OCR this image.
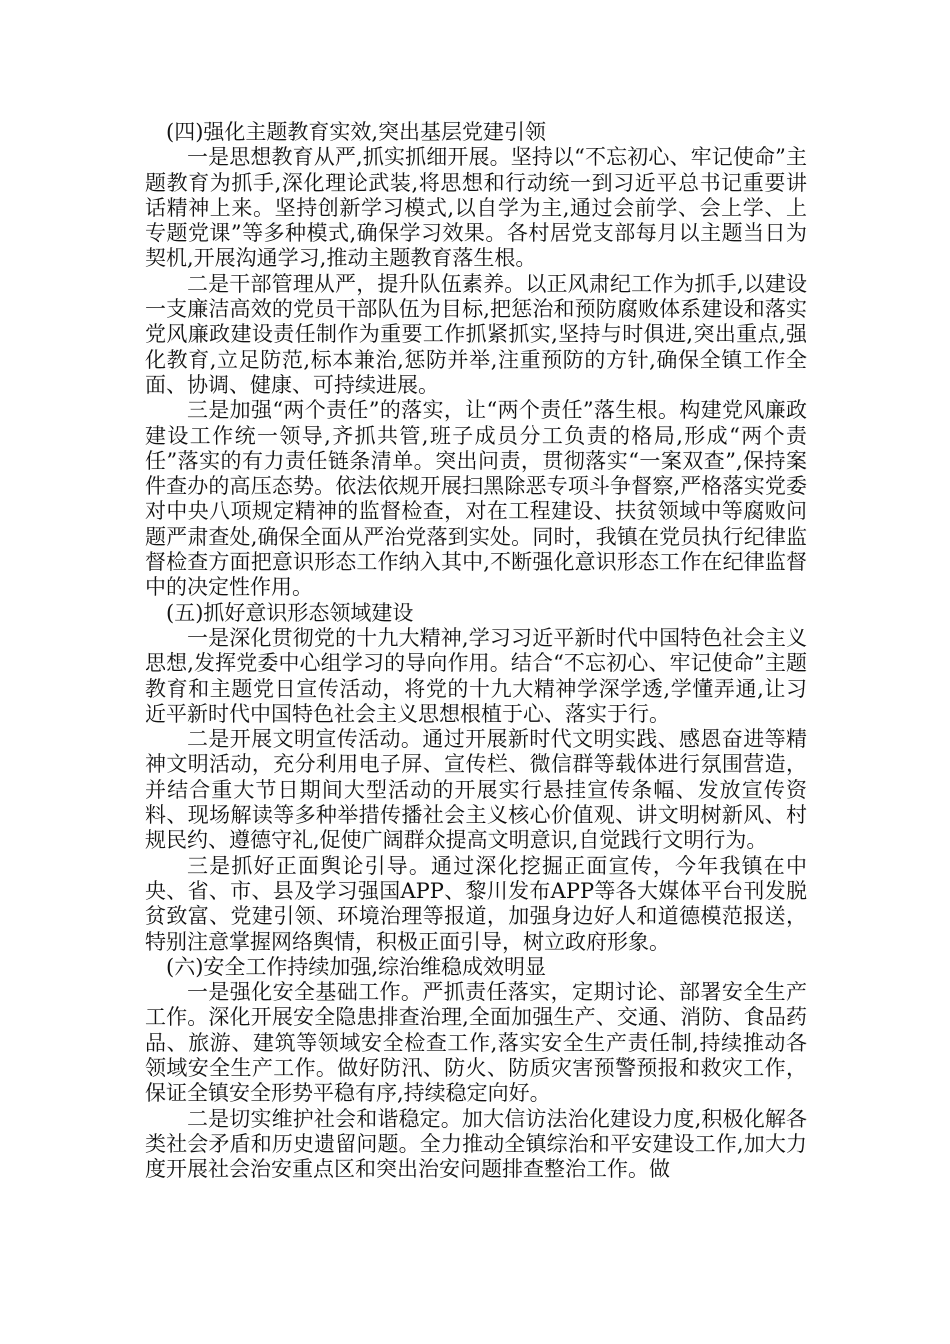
(四)强化主题教育实效,突出基层党建引领

一是思想教育从严,抓实抓细开展。坚持以“不忘初心、牢记使命”主题教育为抓手,深化理论武装,将思想和行动统一到习近平总书记重要讲话精神上来。坚持创新学习模式,以自学为主,通过会前学、会上学、上专题党课”等多种模式,确保学习效果。各村居党支部每月以主题当日为契机,开展沟通学习,推动主题教育落生根。

二是干部管理从严，提升队伍素养。以正风肃纪工作为抓手,以建设一支廉洁高效的党员干部队伍为目标,把惩治和预防腐败体系建设和落实党风廉政建设责任制作为重要工作抓紧抓实,坚持与时俱进,突出重点,强化教育,立足防范,标本兼治,惩防并举,注重预防的方针,确保全镇工作全面、协调、健康、可持续进展。

三是加强“两个责任”的落实，让“两个责任”落生根。构建党风廉政建设工作统一领导,齐抓共管,班子成员分工负责的格局,形成“两个责任”落实的有力责任链条清单。突出问责，贯彻落实“一案双查”,保持案件查办的高压态势。依法依规开展扫黑除恶专项斗争督察,严格落实党委对中央八项规定精神的监督检查，对在工程建设、扶贫领域中等腐败问题严肃查处,确保全面从严治党落到实处。同时，我镇在党员执行纪律监督检查方面把意识形态工作纳入其中,不断强化意识形态工作在纪律监督中的决定性作用。

(五)抓好意识形态领域建设

一是深化贯彻党的十九大精神,学习习近平新时代中国特色社会主义思想,发挥党委中心组学习的导向作用。结合“不忘初心、牢记使命”主题教育和主题党日宣传活动，将党的十九大精神学深学透,学懂弄通,让习近平新时代中国特色社会主义思想根植于心、落实于行。

二是开展文明宣传活动。通过开展新时代文明实践、感恩奋进等精神文明活动，充分利用电子屏、宣传栏、微信群等载体进行氛围营造，并结合重大节日期间大型活动的开展实行悬挂宣传条幅、发放宣传资料、现场解读等多种举措传播社会主义核心价值观、讲文明树新风、村规民约、遵德守礼,促使广阔群众提高文明意识,自觉践行文明行为。

三是抓好正面舆论引导。通过深化挖掘正面宣传，今年我镇在中央、省、市、县及学习强国APP、黎川发布APP等各大媒体平台刊发脱贫致富、党建引领、环境治理等报道，加强身边好人和道德模范报送，特别注意掌握网络舆情，积极正面引导，树立政府形象。

(六)安全工作持续加强,综治维稳成效明显

一是强化安全基础工作。严抓责任落实，定期讨论、部署安全生产工作。深化开展安全隐患排查治理,全面加强生产、交通、消防、食品药品、旅游、建筑等领域安全检查工作,落实安全生产责任制,持续推动各领域安全生产工作。做好防汛、防火、防质灾害预警预报和救灾工作，保证全镇安全形势平稳有序,持续稳定向好。

二是切实维护社会和谐稳定。加大信访法治化建设力度,积极化解各类社会矛盾和历史遗留问题。全力推动全镇综治和平安建设工作,加大力度开展社会治安重点区和突出治安问题排查整治工作。做
